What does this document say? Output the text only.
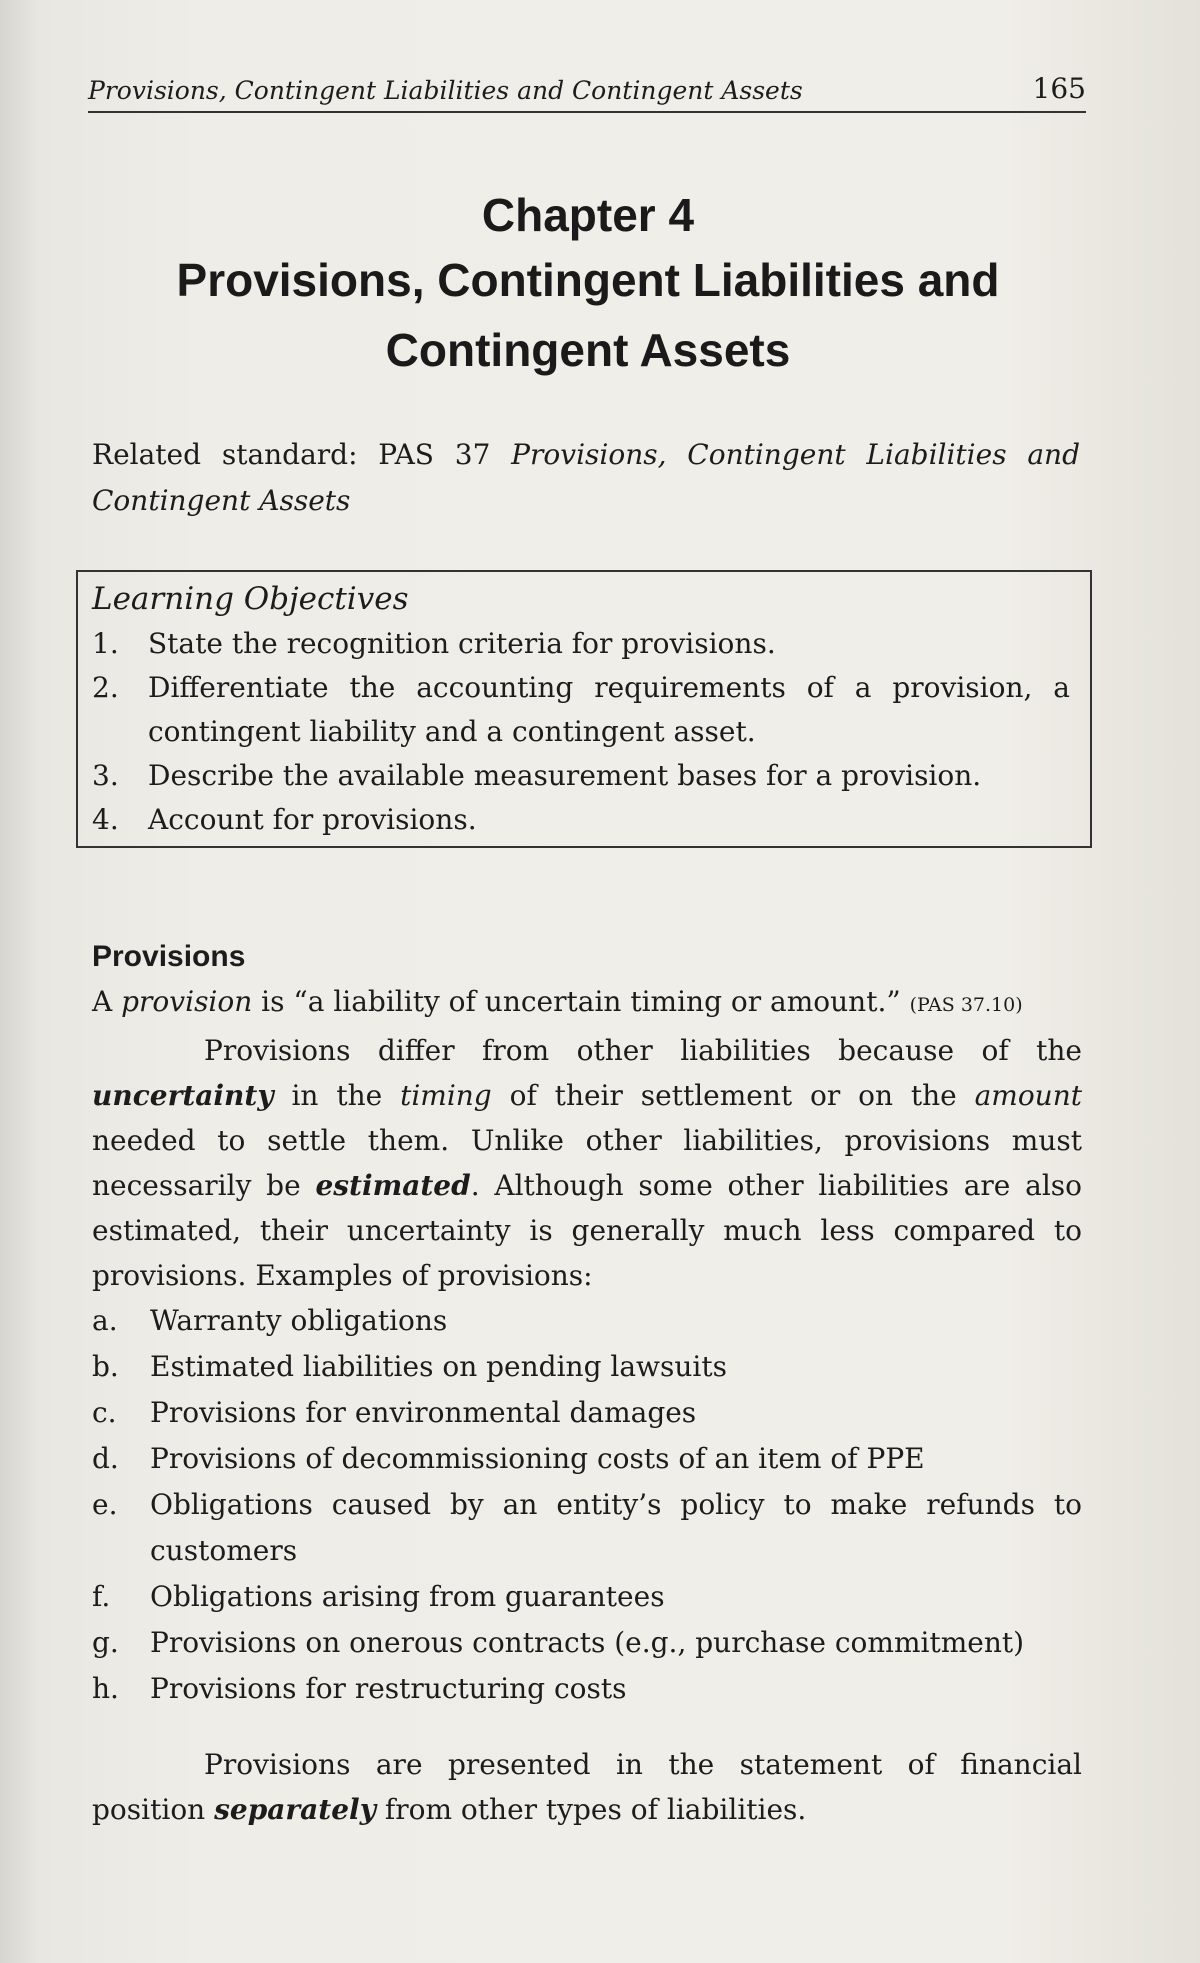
Provisions, Contingent Liabilities and Contingent Assets	165
Chapter 4
Provisions, Contingent Liabilities and
Contingent Assets

Related standard: PAS 37 Provisions, Contingent Liabilities and Contingent Assets

Learning Objectives
1.	State the recognition criteria for provisions.
2.	Differentiate the accounting requirements of a provision, a contingent liability and a contingent asset.
3.	Describe the available measurement bases for a provision.
4.	Account for provisions.
Provisions

A provision is “a liability of uncertain timing or amount.” (PAS 37.10)

Provisions differ from other liabilities because of the uncertainty in the timing of their settlement or on the amount needed to settle them. Unlike other liabilities, provisions must necessarily be estimated. Although some other liabilities are also estimated, their uncertainty is generally much less compared to provisions. Examples of provisions:

a.	Warranty obligations
b.	Estimated liabilities on pending lawsuits
c.	Provisions for environmental damages
d.	Provisions of decommissioning costs of an item of PPE
e.	Obligations caused by an entity’s policy to make refunds to customers
f.	Obligations arising from guarantees
g.	Provisions on onerous contracts (e.g., purchase commitment)
h.	Provisions for restructuring costs

Provisions are presented in the statement of financial position separately from other types of liabilities.
